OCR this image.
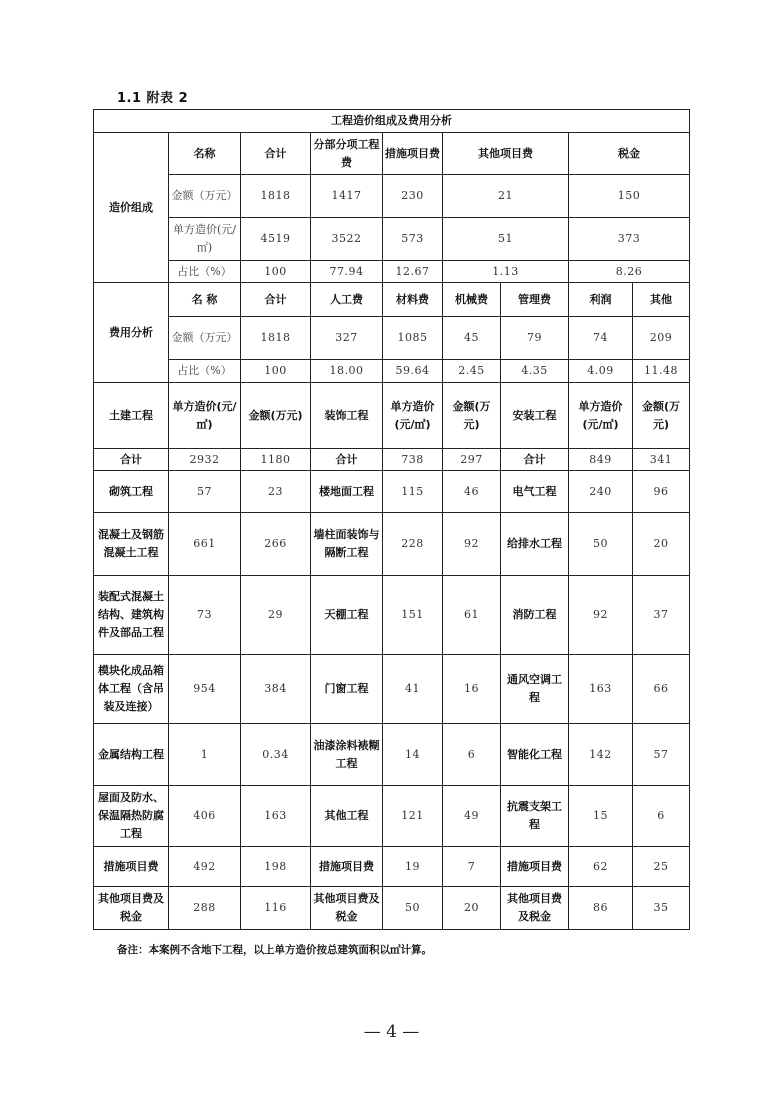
1.1 附表 2
工程造价组成及费用分析								
造价组成	名称	合计	分部分项工程费	措施项目费	其他项目费		税金	
	金额（万元）	1818	1417	230	21		150	
	单方造价(元/㎡)	4519	3522	573	51		373	
	占比（%）	100	77.94	12.67	1.13		8.26	
费用分析	名 称	合计	人工费	材料费	机械费	管理费	利润	其他
	金额（万元）	1818	327	1085	45	79	74	209
	占比（%）	100	18.00	59.64	2.45	4.35	4.09	11.48
土建工程	单方造价(元/㎡)	金额(万元)	装饰工程	单方造价(元/㎡)	金额(万元)	安装工程	单方造价(元/㎡)	金额(万元)
合计	2932	1180	合计	738	297	合计	849	341
砌筑工程	57	23	楼地面工程	115	46	电气工程	240	96
混凝土及钢筋混凝土工程	661	266	墙柱面装饰与隔断工程	228	92	给排水工程	50	20
装配式混凝土结构、建筑构件及部品工程	73	29	天棚工程	151	61	消防工程	92	37
模块化成品箱体工程（含吊装及连接）	954	384	门窗工程	41	16	通风空调工程	163	66
金属结构工程	1	0.34	油漆涂料裱糊工程	14	6	智能化工程	142	57
屋面及防水、保温隔热防腐工程	406	163	其他工程	121	49	抗震支架工程	15	6
措施项目费	492	198	措施项目费	19	7	措施项目费	62	25
其他项目费及税金	288	116	其他项目费及税金	50	20	其他项目费及税金	86	35
备注：本案例不含地下工程，以上单方造价按总建筑面积以㎡计算。
— 4 —
